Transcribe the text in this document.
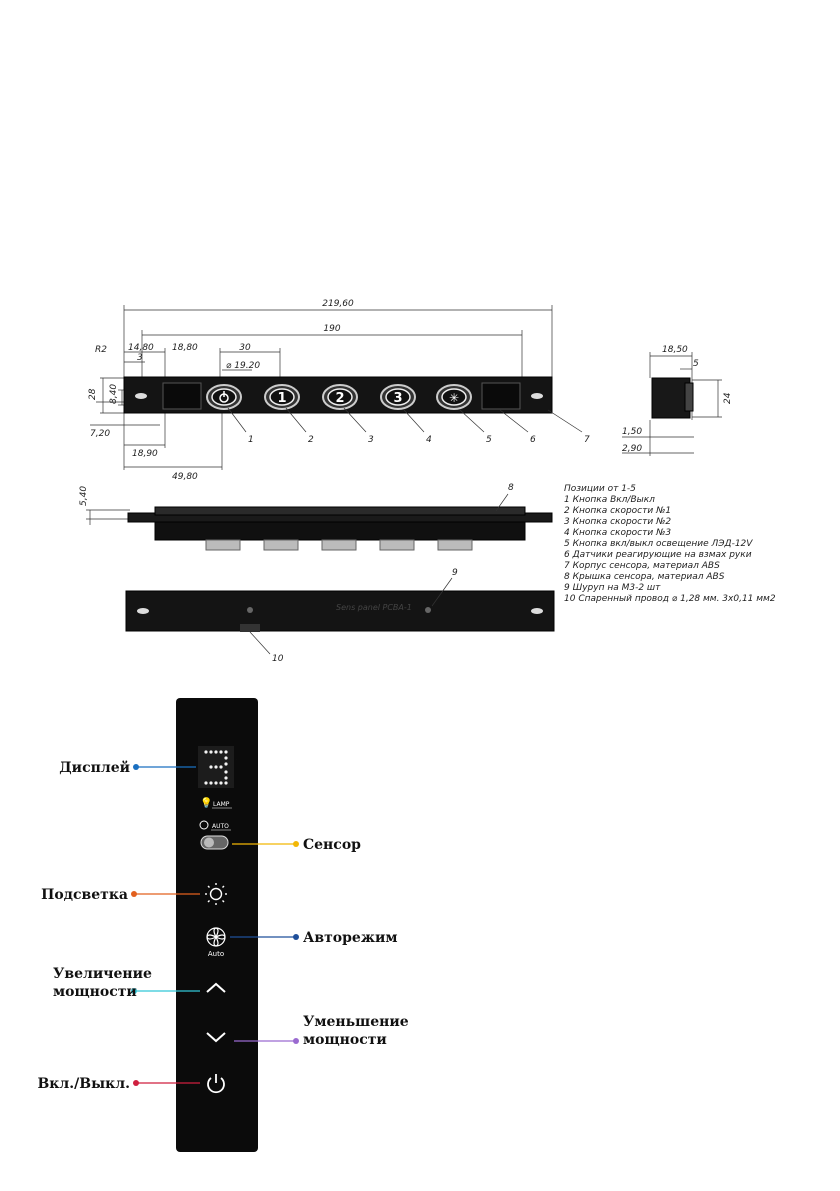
1	2	3	✳
219,60
190
14,80 18,80	30
3
⌀ 19.20
R2
28 8,40
7,20
18,90
49,80
1	2	3	4	5	6	7
18,50
5
24
1,50
2,90
5,40	8
Sens panel PCBA-1
9
10
Позиции от 1-5
1 Кнопка Вкл/Выкл
2 Кнопка скорости №1
3 Кнопка скорости №2
4 Кнопка скорости №3
5 Кнопка вкл/выкл освещение ЛЭД-12V
6 Датчики реагирующие на взмах руки
7 Корпус сенсора, материал ABS
8 Крышка сенсора, материал ABS
9 Шуруп на М3-2 шт
10 Спаренный провод ⌀ 1,28 мм. 3х0,11 мм2
3
💡 LAMP
AUTO
Auto
Дисплей
Сенсор
Подсветка
Авторежим
Увеличение
мощности
Уменьшение
мощности
Вкл./Выкл.
